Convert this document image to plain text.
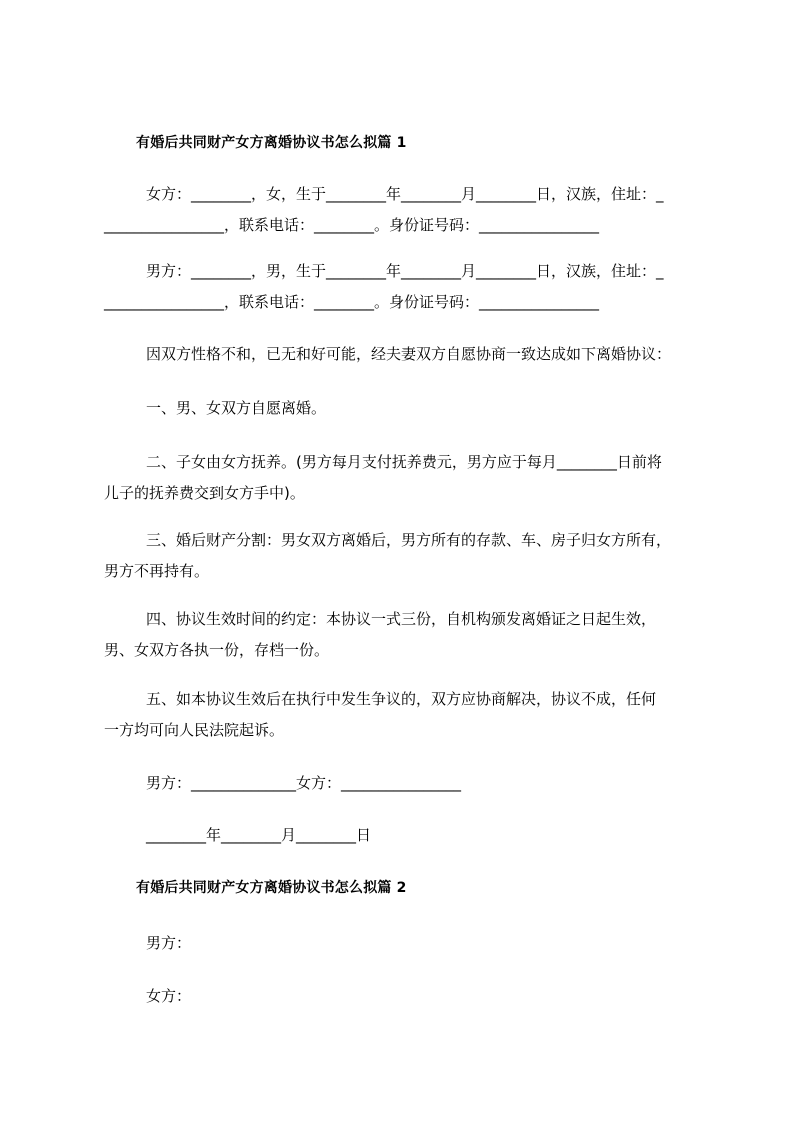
有婚后共同财产女方离婚协议书怎么拟篇 1
女方：________，女，生于________年________月________日，汉族，住址：_
________________，联系电话：________。身份证号码：________________
男方：________，男，生于________年________月________日，汉族，住址：_
________________，联系电话：________。身份证号码：________________
因双方性格不和，已无和好可能，经夫妻双方自愿协商一致达成如下离婚协议：
一、男、女双方自愿离婚。
二、子女由女方抚养。(男方每月支付抚养费元，男方应于每月________日前将
儿子的抚养费交到女方手中)。
三、婚后财产分割：男女双方离婚后，男方所有的存款、车、房子归女方所有，
男方不再持有。
四、协议生效时间的约定：本协议一式三份，自机构颁发离婚证之日起生效，
男、女双方各执一份，存档一份。
五、如本协议生效后在执行中发生争议的，双方应协商解决，协议不成，任何
一方均可向人民法院起诉。
男方：______________女方：________________
________年________月________日
有婚后共同财产女方离婚协议书怎么拟篇 2
男方：
女方：
